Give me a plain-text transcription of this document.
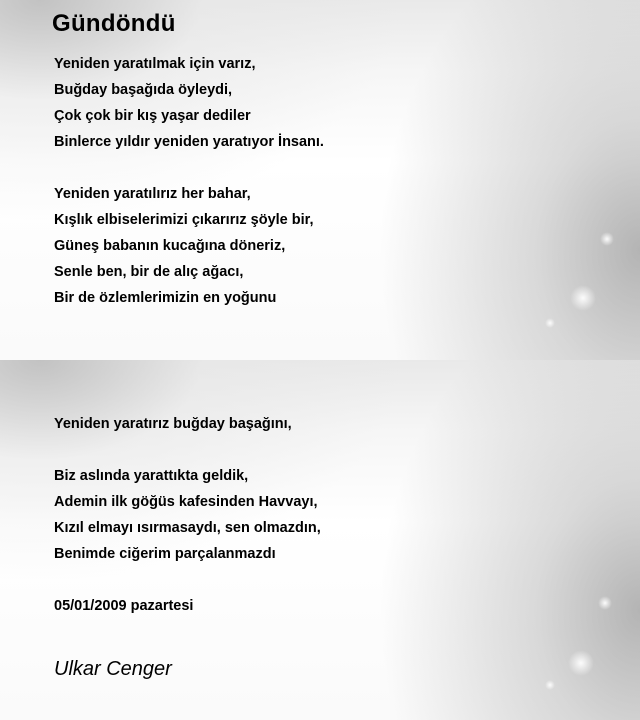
Gündöndü

Yeniden yaratılmak için varız,
Buğday başağıda öyleydi,
Çok çok bir kış yaşar dediler
Binlerce yıldır yeniden yaratıyor İnsanı.

Yeniden yaratılırız her bahar,
Kışlık elbiselerimizi çıkarırız şöyle bir,
Güneş babanın kucağına döneriz,
Senle ben, bir de alıç ağacı,
Bir de özlemlerimizin en yoğunu

Yeniden yaratırız buğday başağını,

Biz aslında yarattıkta geldik,
Ademin ilk göğüs kafesinden Havvayı,
Kızıl elmayı ısırmasaydı, sen olmazdın,
Benimde ciğerim parçalanmazdı

05/01/2009 pazartesi

Ulkar Cenger
